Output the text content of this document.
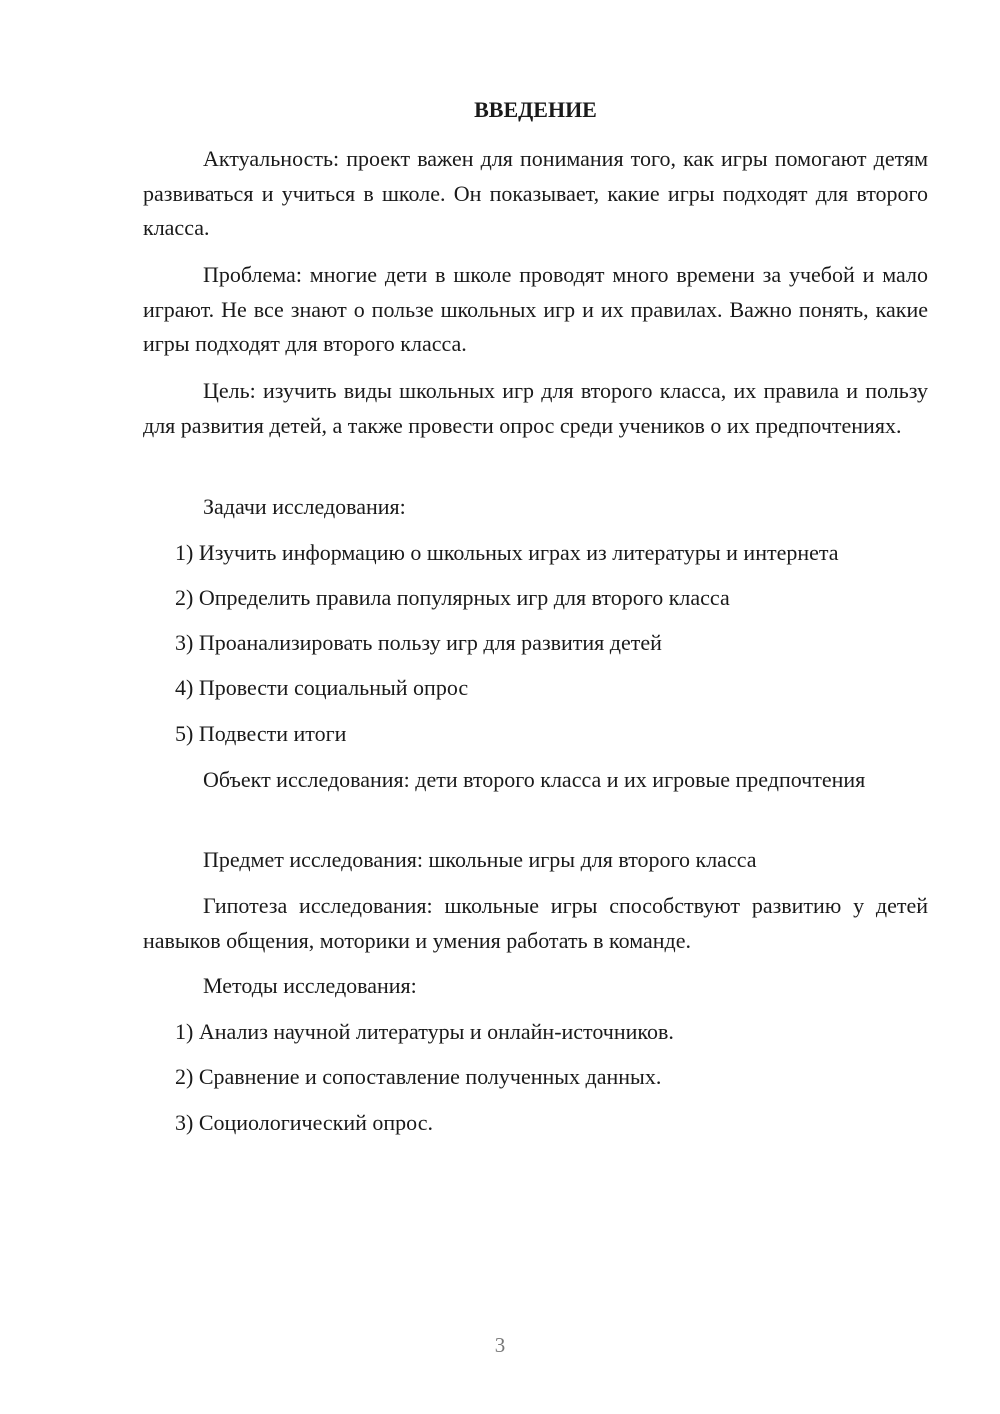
ВВЕДЕНИЕ

Актуальность: проект важен для понимания того, как игры помогают детям развиваться и учиться в школе. Он показывает, какие игры подходят для второго класса.

Проблема: многие дети в школе проводят много времени за учебой и мало играют. Не все знают о пользе школьных игр и их правилах. Важно понять, какие игры подходят для второго класса.

Цель: изучить виды школьных игр для второго класса, их правила и пользу для развития детей, а также провести опрос среди учеников о их предпочтениях.

Задачи исследования:

1) Изучить информацию о школьных играх из литературы и интернета

2) Определить правила популярных игр для второго класса

3) Проанализировать пользу игр для развития детей

4) Провести социальный опрос

5) Подвести итоги

Объект исследования: дети второго класса и их игровые предпочтения

Предмет исследования: школьные игры для второго класса

Гипотеза исследования: школьные игры способствуют развитию у детей навыков общения, моторики и умения работать в команде.

Методы исследования:

1) Анализ научной литературы и онлайн-источников.

2) Сравнение и сопоставление полученных данных.

3) Социологический опрос.

3
